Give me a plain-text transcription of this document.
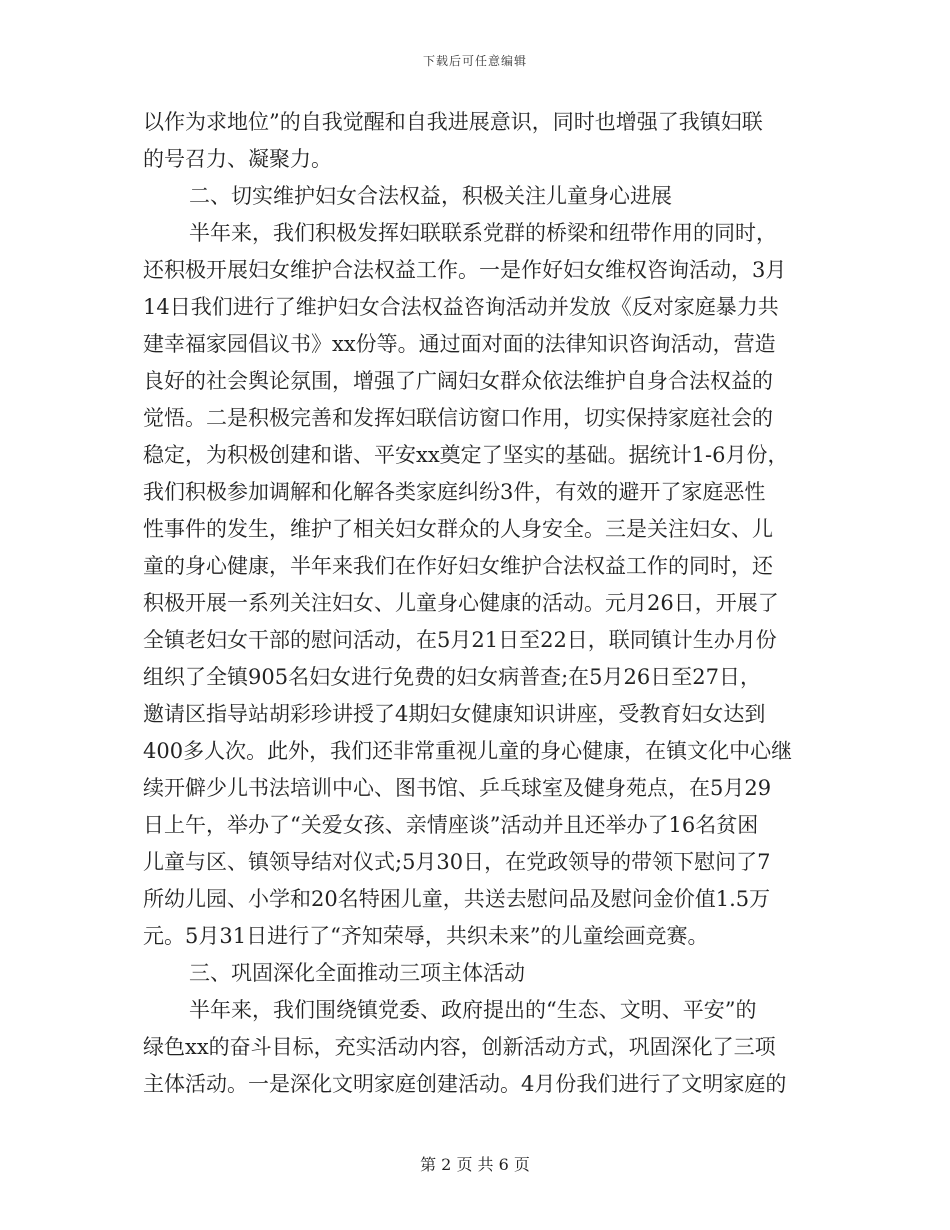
下载后可任意编辑
以作为求地位”的自我觉醒和自我进展意识，同时也增强了我镇妇联
的号召力、凝聚力。
二、切实维护妇女合法权益，积极关注儿童身心进展
半年来，我们积极发挥妇联联系党群的桥梁和纽带作用的同时，
还积极开展妇女维护合法权益工作。一是作好妇女维权咨询活动，3月
14日我们进行了维护妇女合法权益咨询活动并发放《反对家庭暴力共
建幸福家园倡议书》xx份等。通过面对面的法律知识咨询活动，营造
良好的社会舆论氛围，增强了广阔妇女群众依法维护自身合法权益的
觉悟。二是积极完善和发挥妇联信访窗口作用，切实保持家庭社会的
稳定，为积极创建和谐、平安xx奠定了坚实的基础。据统计1-6月份，
我们积极参加调解和化解各类家庭纠纷3件，有效的避开了家庭恶性
性事件的发生，维护了相关妇女群众的人身安全。三是关注妇女、儿
童的身心健康，半年来我们在作好妇女维护合法权益工作的同时，还
积极开展一系列关注妇女、儿童身心健康的活动。元月26日，开展了
全镇老妇女干部的慰问活动，在5月21日至22日，联同镇计生办月份
组织了全镇905名妇女进行免费的妇女病普查;在5月26日至27日，
邀请区指导站胡彩珍讲授了4期妇女健康知识讲座，受教育妇女达到
400多人次。此外，我们还非常重视儿童的身心健康，在镇文化中心继
续开僻少儿书法培训中心、图书馆、乒乓球室及健身苑点，在5月29
日上午，举办了“关爱女孩、亲情座谈”活动并且还举办了16名贫困
儿童与区、镇领导结对仪式;5月30日，在党政领导的带领下慰问了7
所幼儿园、小学和20名特困儿童，共送去慰问品及慰问金价值1.5万
元。5月31日进行了“齐知荣辱，共织未来”的儿童绘画竞赛。
三、巩固深化全面推动三项主体活动
半年来，我们围绕镇党委、政府提出的“生态、文明、平安”的
绿色xx的奋斗目标，充实活动内容，创新活动方式，巩固深化了三项
主体活动。一是深化文明家庭创建活动。4月份我们进行了文明家庭的
第 2 页 共 6 页
